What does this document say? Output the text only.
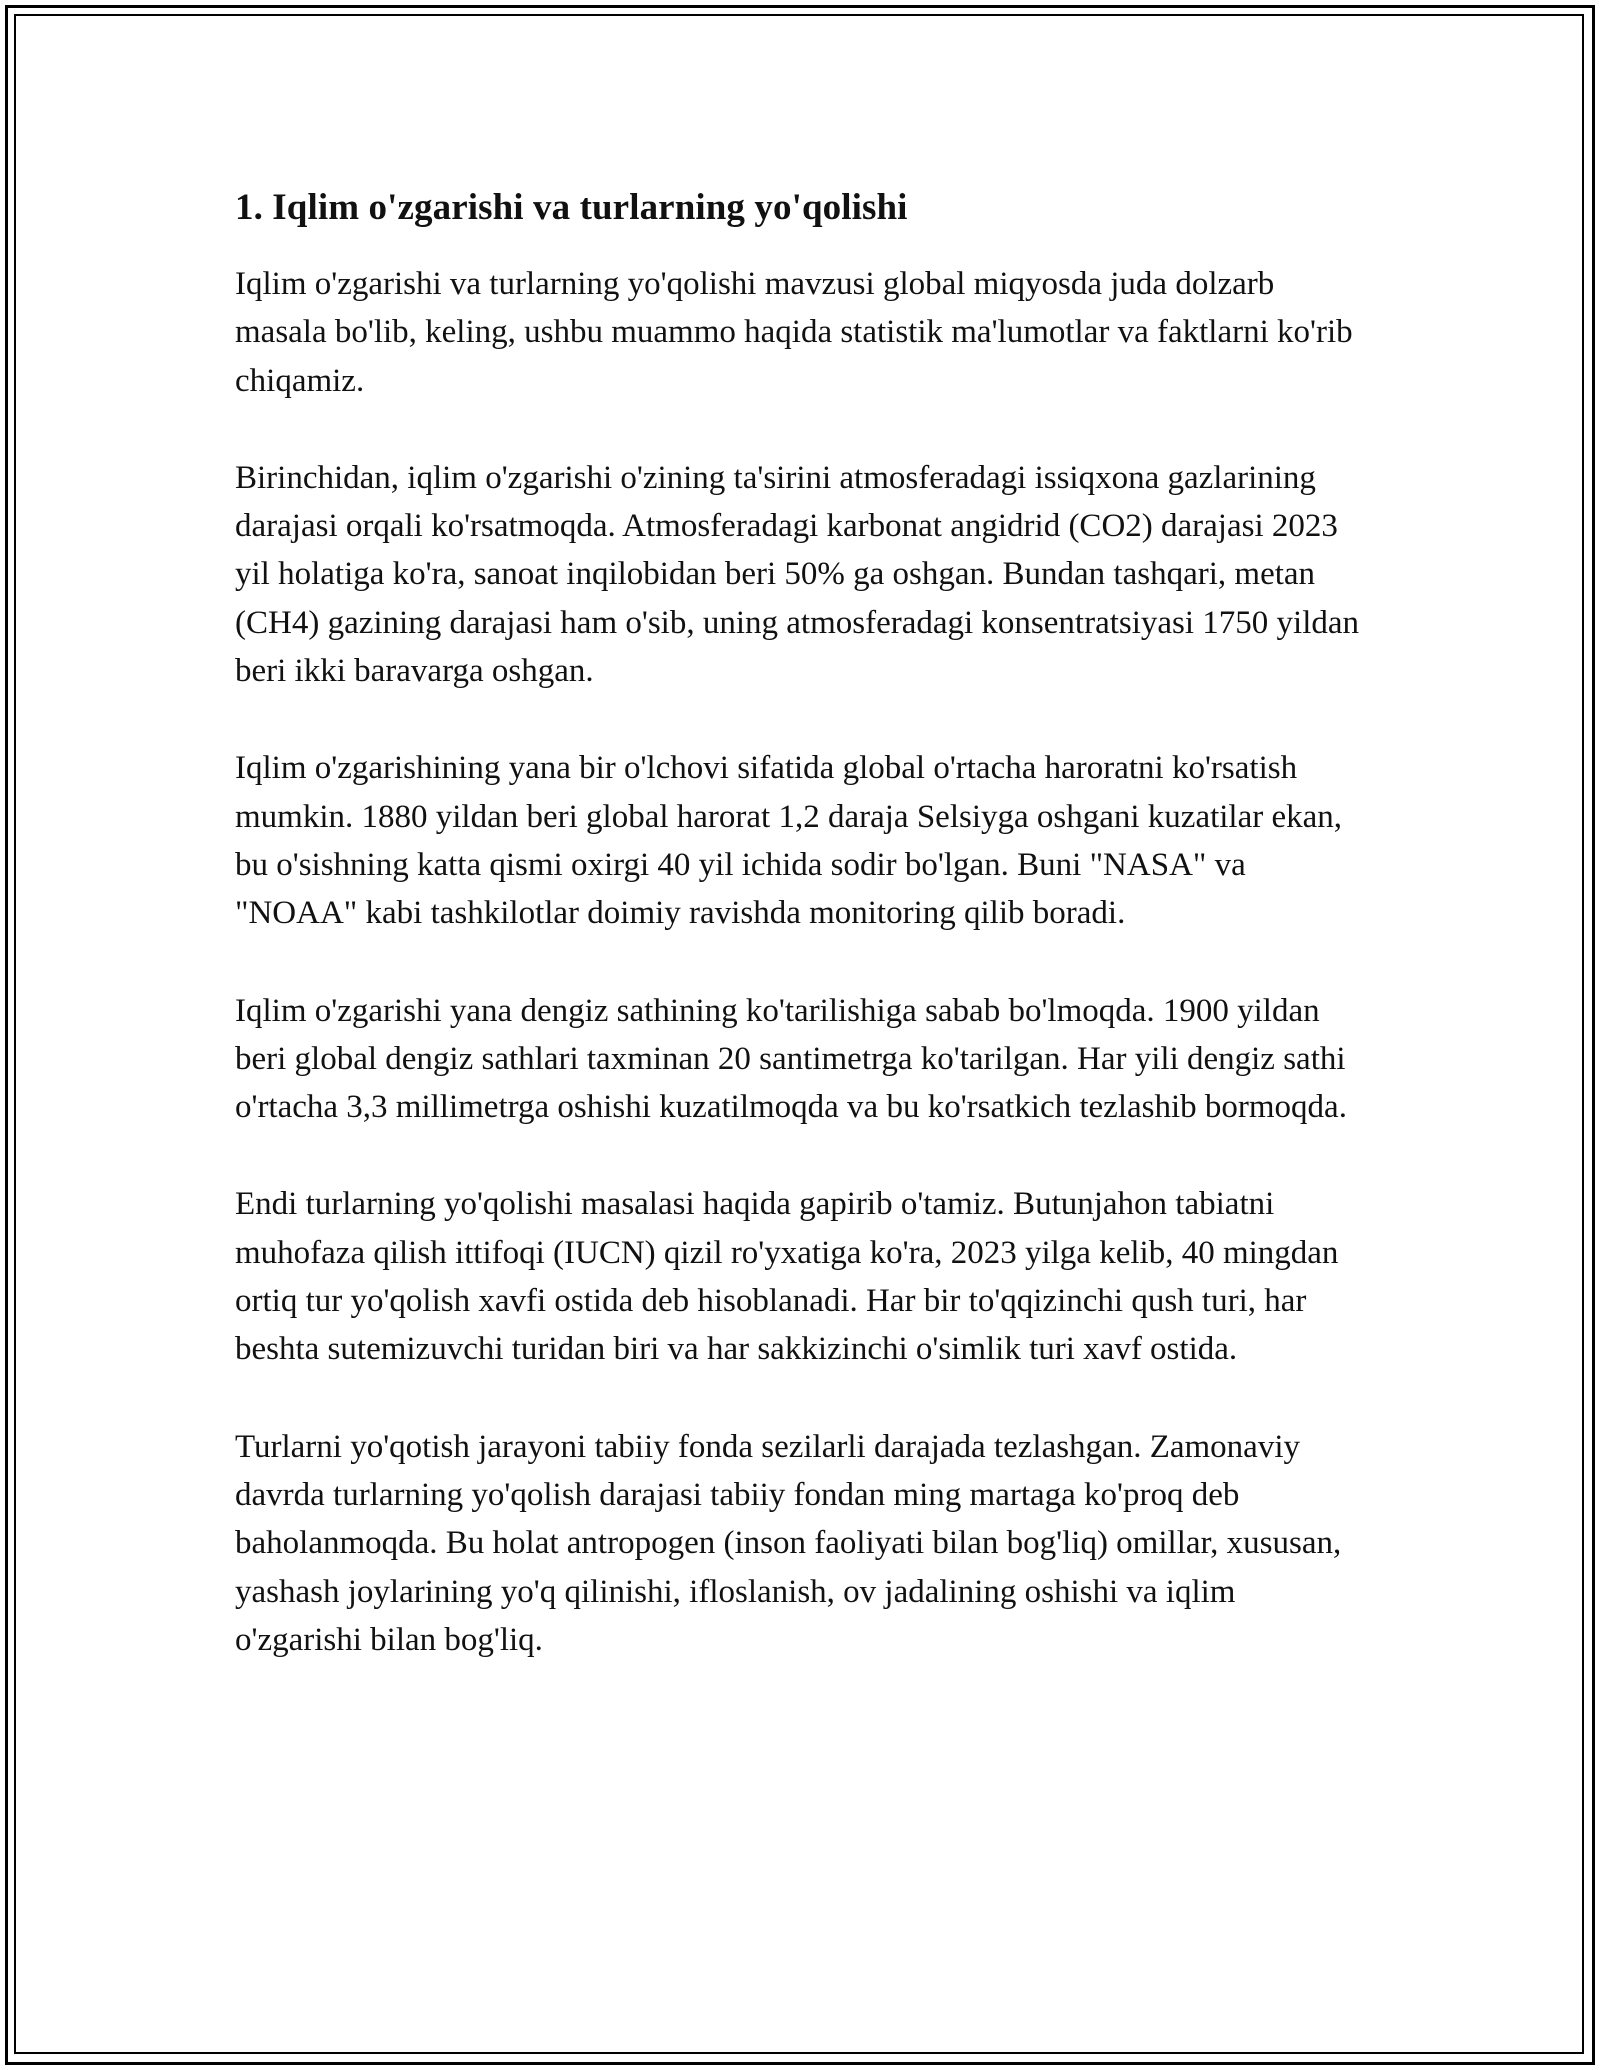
1. Iqlim o'zgarishi va turlarning yo'qolishi

Iqlim o'zgarishi va turlarning yo'qolishi mavzusi global miqyosda juda dolzarb masala bo'lib, keling, ushbu muammo haqida statistik ma'lumotlar va faktlarni ko'rib chiqamiz.

Birinchidan, iqlim o'zgarishi o'zining ta'sirini atmosferadagi issiqxona gazlarining darajasi orqali ko'rsatmoqda. Atmosferadagi karbonat angidrid (CO2) darajasi 2023 yil holatiga ko'ra, sanoat inqilobidan beri 50% ga oshgan. Bundan tashqari, metan (CH4) gazining darajasi ham o'sib, uning atmosferadagi konsentratsiyasi 1750 yildan beri ikki baravarga oshgan.

Iqlim o'zgarishining yana bir o'lchovi sifatida global o'rtacha haroratni ko'rsatish mumkin. 1880 yildan beri global harorat 1,2 daraja Selsiyga oshgani kuzatilar ekan, bu o'sishning katta qismi oxirgi 40 yil ichida sodir bo'lgan. Buni "NASA" va "NOAA" kabi tashkilotlar doimiy ravishda monitoring qilib boradi.

Iqlim o'zgarishi yana dengiz sathining ko'tarilishiga sabab bo'lmoqda. 1900 yildan beri global dengiz sathlari taxminan 20 santimetrga ko'tarilgan. Har yili dengiz sathi o'rtacha 3,3 millimetrga oshishi kuzatilmoqda va bu ko'rsatkich tezlashib bormoqda.

Endi turlarning yo'qolishi masalasi haqida gapirib o'tamiz. Butunjahon tabiatni muhofaza qilish ittifoqi (IUCN) qizil ro'yxatiga ko'ra, 2023 yilga kelib, 40 mingdan ortiq tur yo'qolish xavfi ostida deb hisoblanadi. Har bir to'qqizinchi qush turi, har beshta sutemizuvchi turidan biri va har sakkizinchi o'simlik turi xavf ostida.

Turlarni yo'qotish jarayoni tabiiy fonda sezilarli darajada tezlashgan. Zamonaviy davrda turlarning yo'qolish darajasi tabiiy fondan ming martaga ko'proq deb baholanmoqda. Bu holat antropogen (inson faoliyati bilan bog'liq) omillar, xususan, yashash joylarining yo'q qilinishi, ifloslanish, ov jadalining oshishi va iqlim o'zgarishi bilan bog'liq.
